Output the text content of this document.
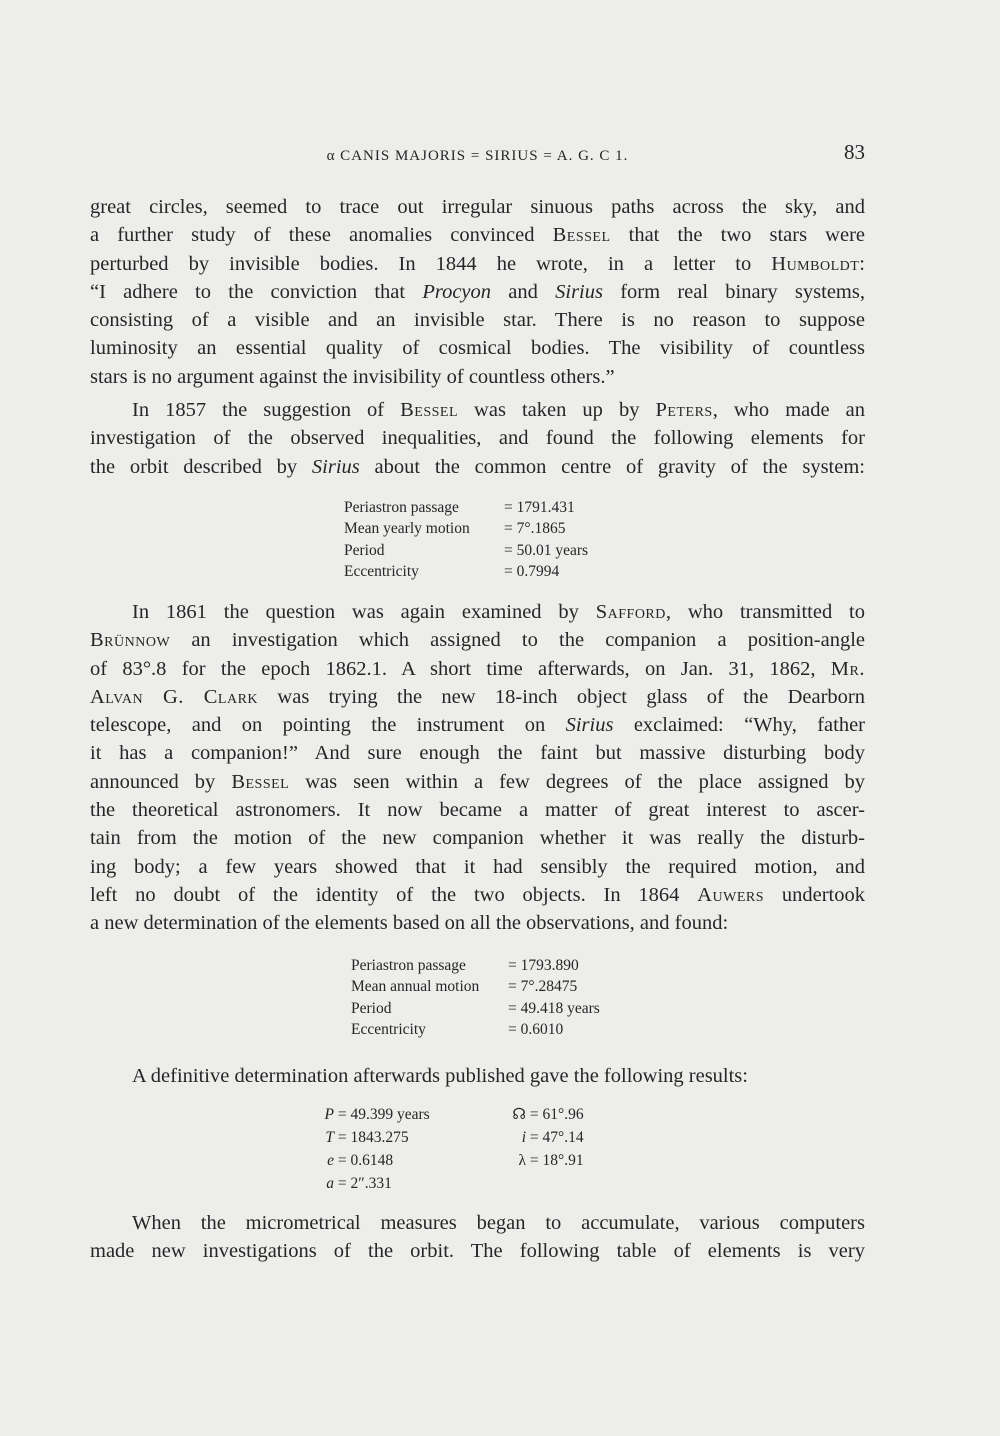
α CANIS MAJORIS = SIRIUS = A. G. C 1.	83
great circles, seemed to trace out irregular sinuous paths across the sky, and
a further study of these anomalies convinced Bessel that the two stars were
perturbed by invisible bodies. In 1844 he wrote, in a letter to Humboldt:
“I adhere to the conviction that Procyon and Sirius form real binary systems,
consisting of a visible and an invisible star. There is no reason to suppose
luminosity an essential quality of cosmical bodies. The visibility of countless
stars is no argument against the invisibility of countless others.”
In 1857 the suggestion of Bessel was taken up by Peters, who made an
investigation of the observed inequalities, and found the following elements for
the orbit described by Sirius about the common centre of gravity of the system:
Periastron passage	= 1791.431
Mean yearly motion	= 7°.1865
Period	= 50.01 years
Eccentricity	= 0.7994
In 1861 the question was again examined by Safford, who transmitted to
Brünnow an investigation which assigned to the companion a position-angle
of 83°.8 for the epoch 1862.1. A short time afterwards, on Jan. 31, 1862, Mr.
Alvan G. Clark was trying the new 18-inch object glass of the Dearborn
telescope, and on pointing the instrument on Sirius exclaimed: “Why, father
it has a companion!” And sure enough the faint but massive disturbing body
announced by Bessel was seen within a few degrees of the place assigned by
the theoretical astronomers. It now became a matter of great interest to ascer-
tain from the motion of the new companion whether it was really the disturb-
ing body; a few years showed that it had sensibly the required motion, and
left no doubt of the identity of the two objects. In 1864 Auwers undertook
a new determination of the elements based on all the observations, and found:
Periastron passage	= 1793.890
Mean annual motion	= 7°.28475
Period	= 49.418 years
Eccentricity	= 0.6010
A definitive determination afterwards published gave the following results:
P = 49.399 years	☊ = 61°.96
T = 1843.275	i = 47°.14
e = 0.6148	λ = 18°.91
a = 2″.331
When the micrometrical measures began to accumulate, various computers
made new investigations of the orbit. The following table of elements is very
